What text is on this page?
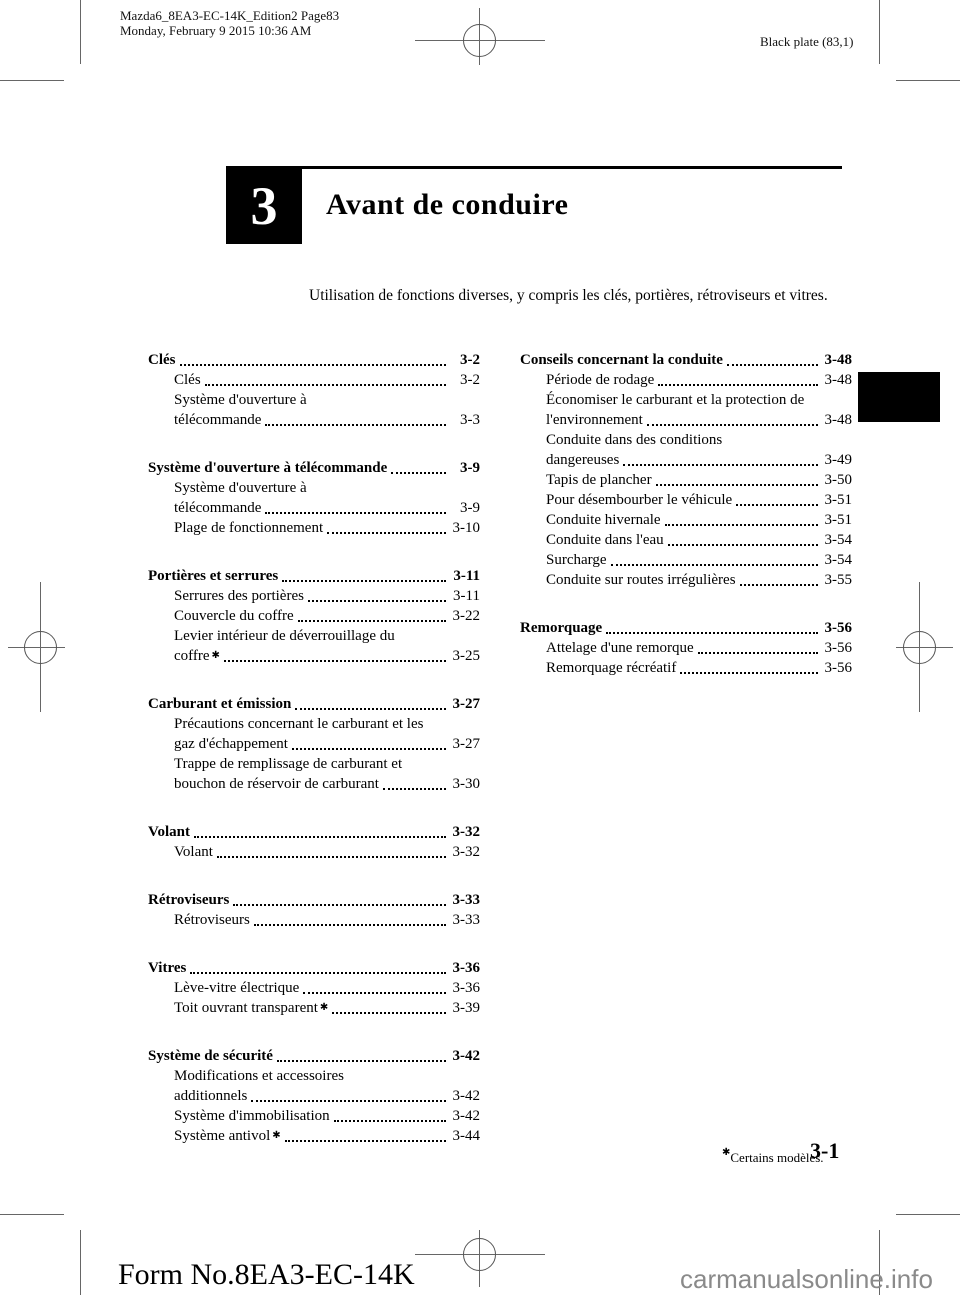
Mazda6_8EA3-EC-14K_Edition2 Page83
Monday, February 9 2015 10:36 AM
Black plate (83,1)
3	Avant de conduire
Utilisation de fonctions diverses, y compris les clés, portières, rétroviseurs et vitres.
Clés	3-2
Clés	3-2
Système d'ouverture à
télécommande	3-3
Système d'ouverture à télécommande	3-9
Système d'ouverture à
télécommande	3-9
Plage de fonctionnement	3-10
Portières et serrures	3-11
Serrures des portières	3-11
Couvercle du coffre	3-22
Levier intérieur de déverrouillage du
coffre ✱	3-25
Carburant et émission	3-27
Précautions concernant le carburant et les
gaz d'échappement	3-27
Trappe de remplissage de carburant et
bouchon de réservoir de carburant	3-30
Volant	3-32
Volant	3-32
Rétroviseurs	3-33
Rétroviseurs	3-33
Vitres	3-36
Lève-vitre électrique	3-36
Toit ouvrant transparent ✱	3-39
Système de sécurité	3-42
Modifications et accessoires
additionnels	3-42
Système d'immobilisation	3-42
Système antivol ✱	3-44
Conseils concernant la conduite	3-48
Période de rodage	3-48
Économiser le carburant et la protection de
l'environnement	3-48
Conduite dans des conditions
dangereuses	3-49
Tapis de plancher	3-50
Pour désembourber le véhicule	3-51
Conduite hivernale	3-51
Conduite dans l'eau	3-54
Surcharge	3-54
Conduite sur routes irrégulières	3-55
Remorquage	3-56
Attelage d'une remorque	3-56
Remorquage récréatif	3-56
✱Certains modèles.
3-1
Form No.8EA3-EC-14K	carmanualsonline.info
